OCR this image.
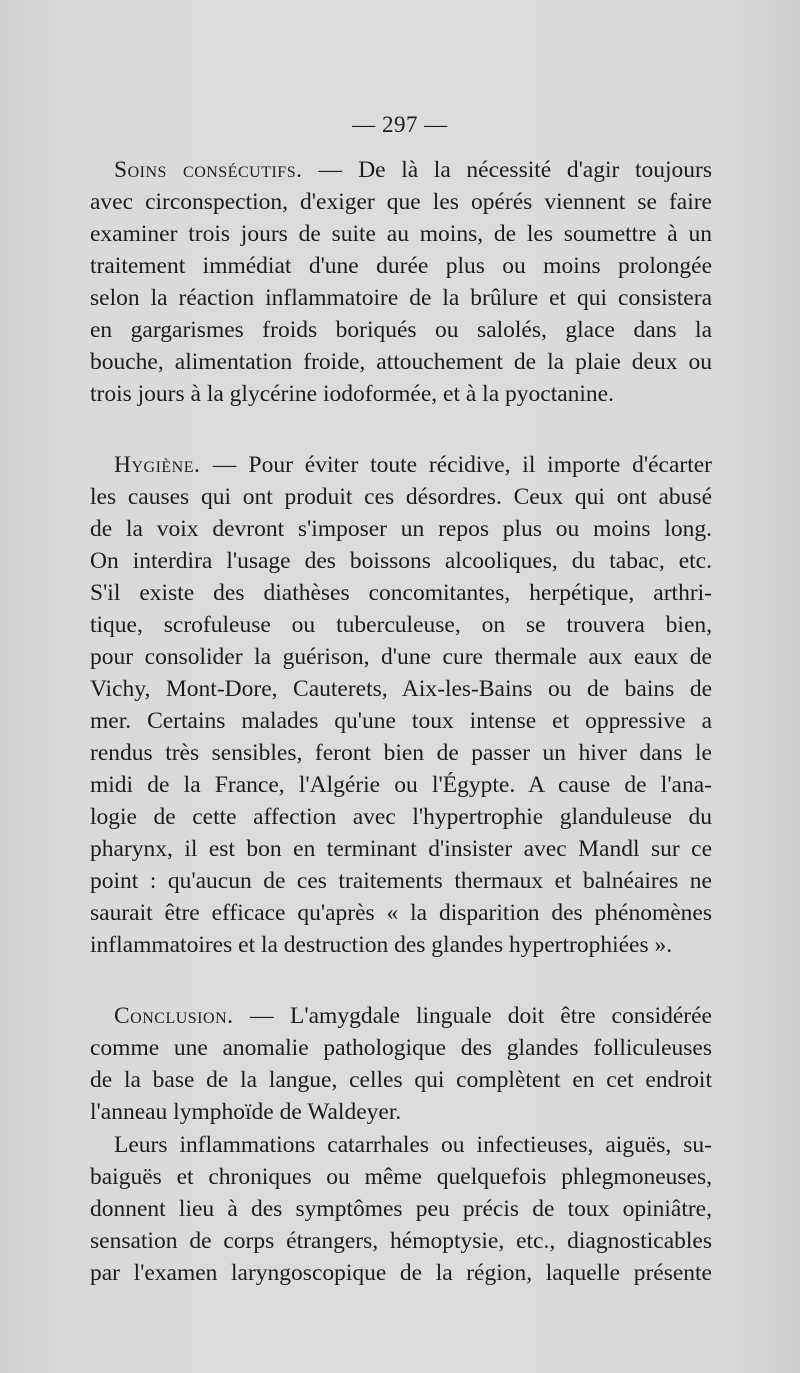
— 297 —
Soins consécutifs. — De là la nécessité d'agir toujours
avec circonspection, d'exiger que les opérés viennent se faire
examiner trois jours de suite au moins, de les soumettre à un
traitement immédiat d'une durée plus ou moins prolongée
selon la réaction inflammatoire de la brûlure et qui consistera
en gargarismes froids boriqués ou salolés, glace dans la
bouche, alimentation froide, attouchement de la plaie deux ou
trois jours à la glycérine iodoformée, et à la pyoctanine.
Hygiène. — Pour éviter toute récidive, il importe d'écarter
les causes qui ont produit ces désordres. Ceux qui ont abusé
de la voix devront s'imposer un repos plus ou moins long.
On interdira l'usage des boissons alcooliques, du tabac, etc.
S'il existe des diathèses concomitantes, herpétique, arthri-
tique, scrofuleuse ou tuberculeuse, on se trouvera bien,
pour consolider la guérison, d'une cure thermale aux eaux de
Vichy, Mont-Dore, Cauterets, Aix-les-Bains ou de bains de
mer. Certains malades qu'une toux intense et oppressive a
rendus très sensibles, feront bien de passer un hiver dans le
midi de la France, l'Algérie ou l'Égypte. A cause de l'ana-
logie de cette affection avec l'hypertrophie glanduleuse du
pharynx, il est bon en terminant d'insister avec Mandl sur ce
point : qu'aucun de ces traitements thermaux et balnéaires ne
saurait être efficace qu'après « la disparition des phénomènes
inflammatoires et la destruction des glandes hypertrophiées ».
Conclusion. — L'amygdale linguale doit être considérée
comme une anomalie pathologique des glandes folliculeuses
de la base de la langue, celles qui complètent en cet endroit
l'anneau lymphoïde de Waldeyer.
Leurs inflammations catarrhales ou infectieuses, aiguës, su-
baiguës et chroniques ou même quelquefois phlegmoneuses,
donnent lieu à des symptômes peu précis de toux opiniâtre,
sensation de corps étrangers, hémoptysie, etc., diagnosticables
par l'examen laryngoscopique de la région, laquelle présente
